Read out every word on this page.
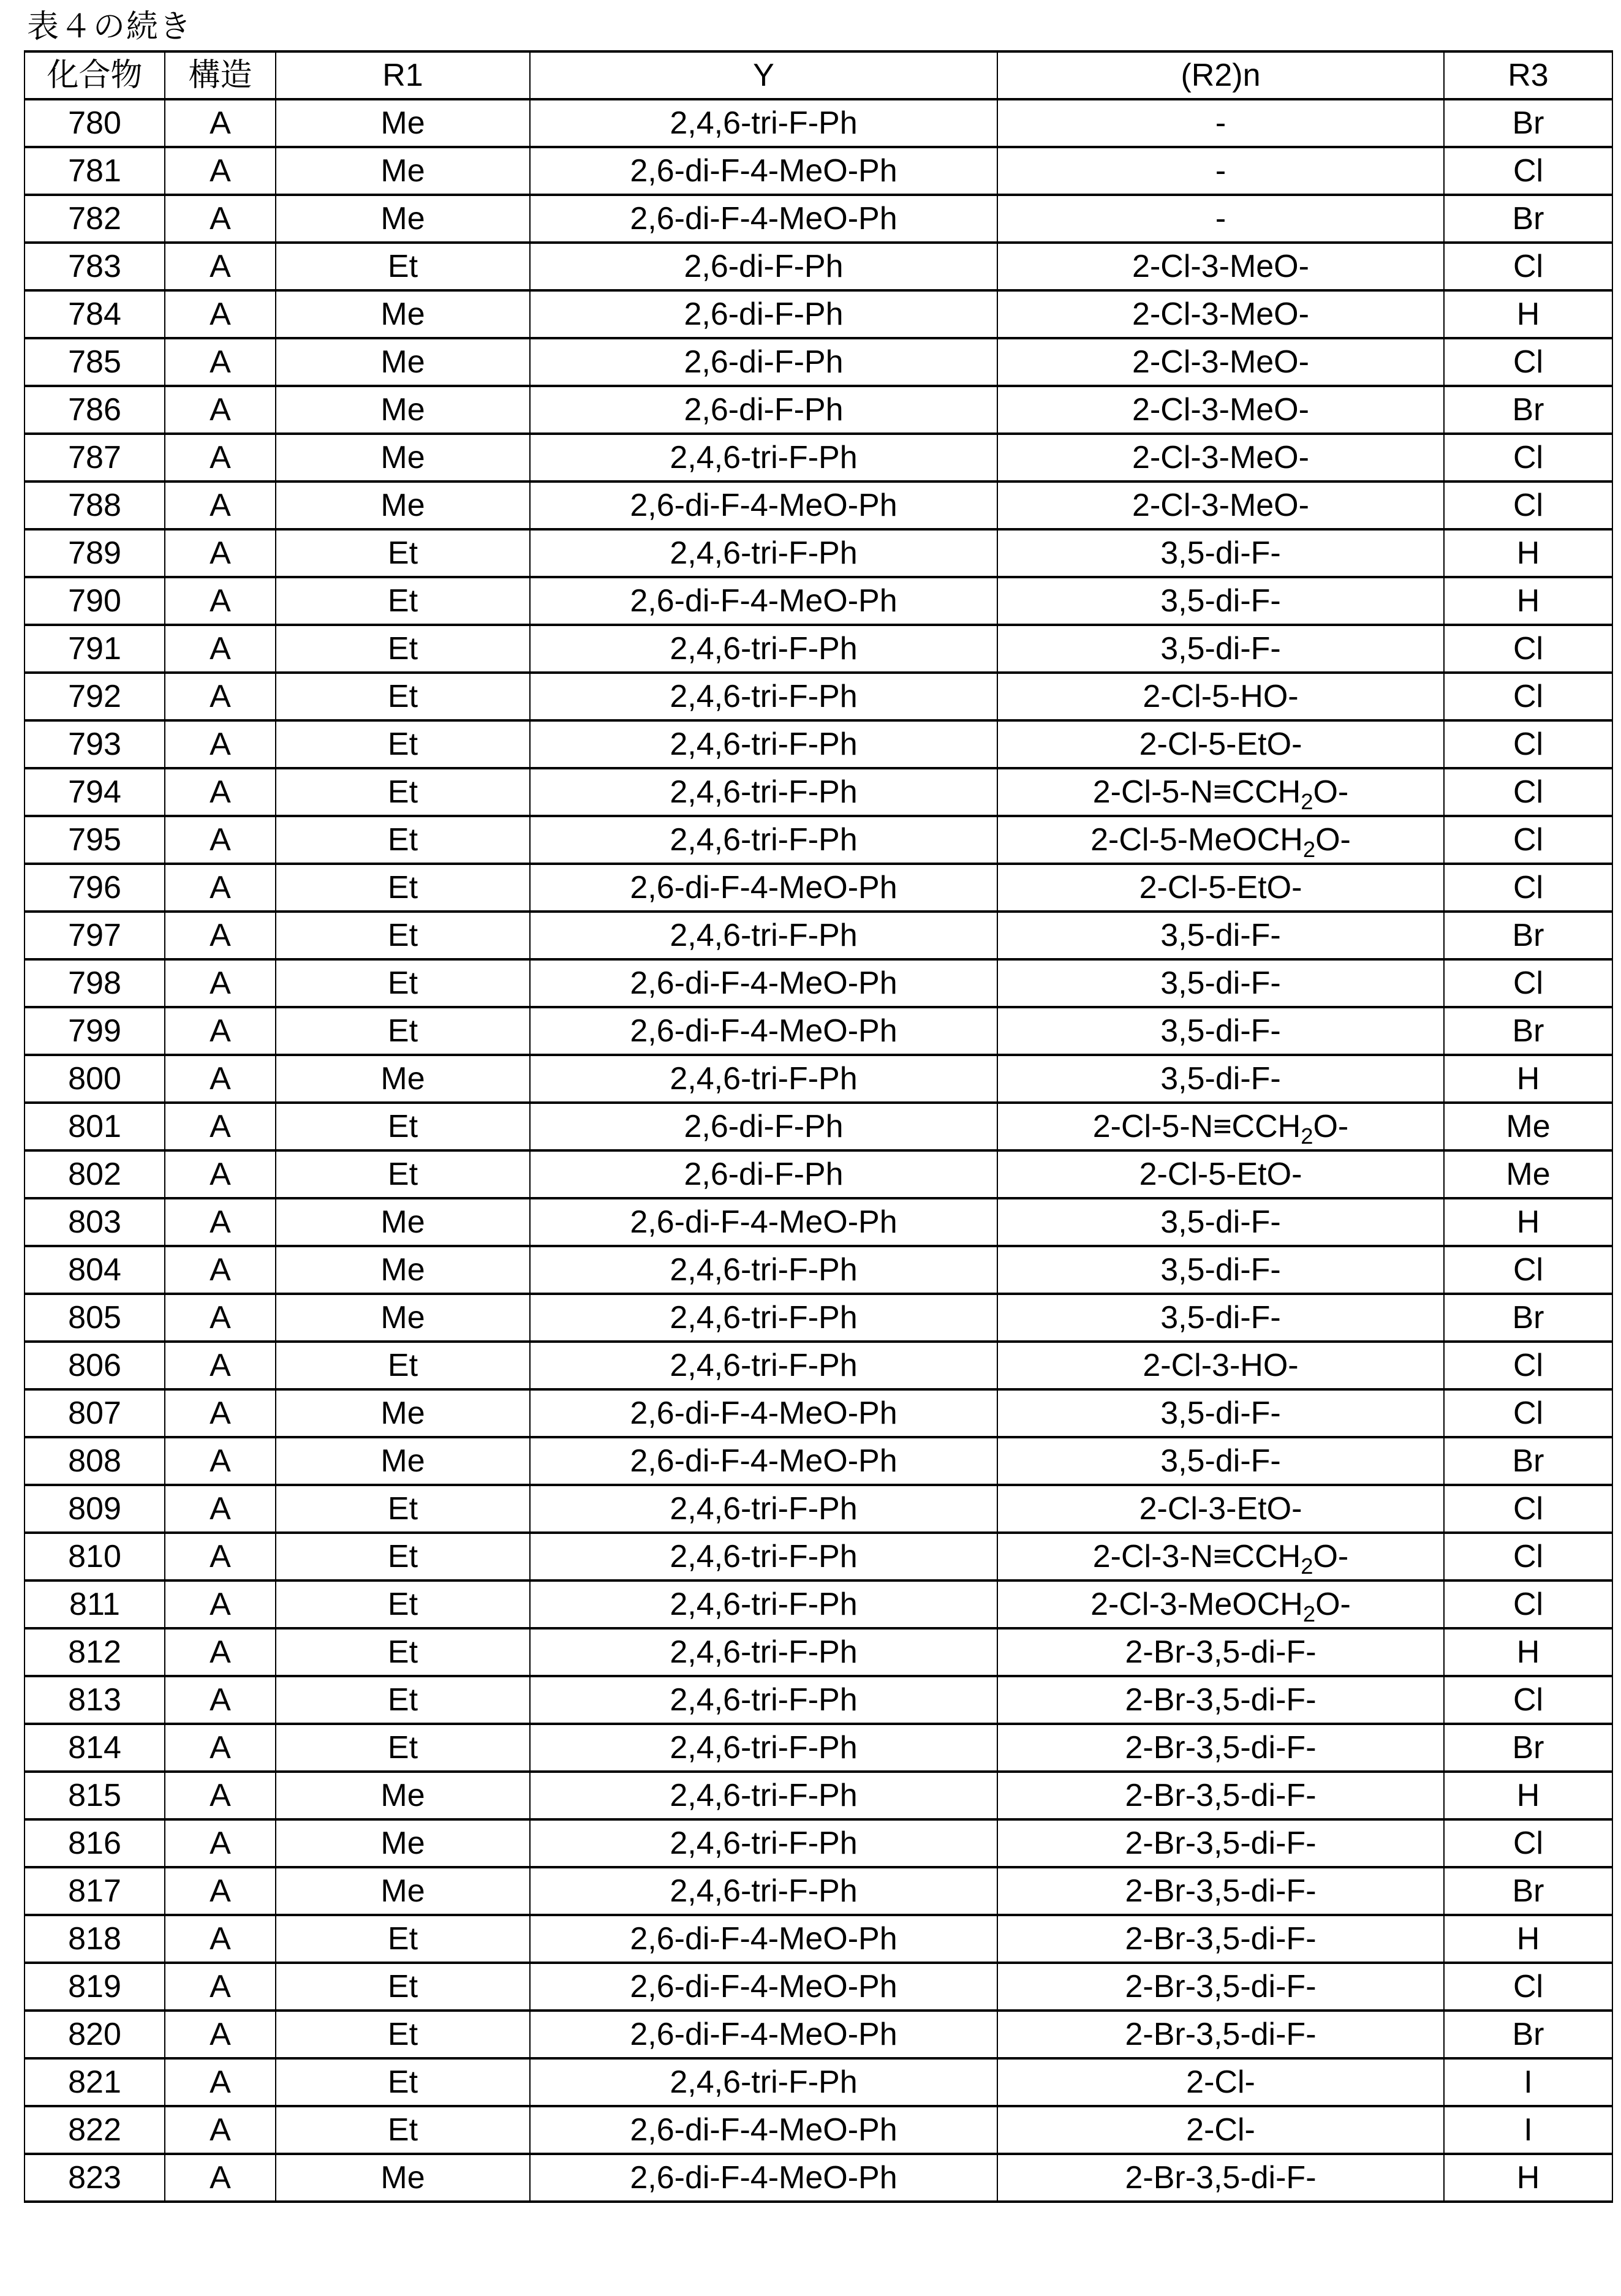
表４の続き
化合物	構造	R1	Y	(R2)n	R3
780	A	Me	2,4,6-tri-F-Ph	-	Br
781	A	Me	2,6-di-F-4-MeO-Ph	-	Cl
782	A	Me	2,6-di-F-4-MeO-Ph	-	Br
783	A	Et	2,6-di-F-Ph	2-Cl-3-MeO-	Cl
784	A	Me	2,6-di-F-Ph	2-Cl-3-MeO-	H
785	A	Me	2,6-di-F-Ph	2-Cl-3-MeO-	Cl
786	A	Me	2,6-di-F-Ph	2-Cl-3-MeO-	Br
787	A	Me	2,4,6-tri-F-Ph	2-Cl-3-MeO-	Cl
788	A	Me	2,6-di-F-4-MeO-Ph	2-Cl-3-MeO-	Cl
789	A	Et	2,4,6-tri-F-Ph	3,5-di-F-	H
790	A	Et	2,6-di-F-4-MeO-Ph	3,5-di-F-	H
791	A	Et	2,4,6-tri-F-Ph	3,5-di-F-	Cl
792	A	Et	2,4,6-tri-F-Ph	2-Cl-5-HO-	Cl
793	A	Et	2,4,6-tri-F-Ph	2-Cl-5-EtO-	Cl
794	A	Et	2,4,6-tri-F-Ph	$2-Cl-5-N\equiv CCH_2O-$	Cl
795	A	Et	2,4,6-tri-F-Ph	2-Cl-5-MeOCH$_2$O-	Cl
796	A	Et	2,6-di-F-4-MeO-Ph	2-Cl-5-EtO-	Cl
797	A	Et	2,4,6-tri-F-Ph	3,5-di-F-	Br
798	A	Et	2,6-di-F-4-MeO-Ph	3,5-di-F-	Cl
799	A	Et	2,6-di-F-4-MeO-Ph	3,5-di-F-	Br
800	A	Me	2,4,6-tri-F-Ph	3,5-di-F-	H
801	A	Et	2,6-di-F-Ph	$2-Cl-5-N\equiv CCH_2O-$	Me
802	A	Et	2,6-di-F-Ph	2-Cl-5-EtO-	Me
803	A	Me	2,6-di-F-4-MeO-Ph	3,5-di-F-	H
804	A	Me	2,4,6-tri-F-Ph	3,5-di-F-	Cl
805	A	Me	2,4,6-tri-F-Ph	3,5-di-F-	Br
806	A	Et	2,4,6-tri-F-Ph	2-Cl-3-HO-	Cl
807	A	Me	2,6-di-F-4-MeO-Ph	3,5-di-F-	Cl
808	A	Me	2,6-di-F-4-MeO-Ph	3,5-di-F-	Br
809	A	Et	2,4,6-tri-F-Ph	2-Cl-3-EtO-	Cl
810	A	Et	2,4,6-tri-F-Ph	$2-Cl-3-N\equiv CCH_2O-$	Cl
811	A	Et	2,4,6-tri-F-Ph	2-Cl-3-MeOCH$_2$O-	Cl
812	A	Et	2,4,6-tri-F-Ph	2-Br-3,5-di-F-	H
813	A	Et	2,4,6-tri-F-Ph	2-Br-3,5-di-F-	Cl
814	A	Et	2,4,6-tri-F-Ph	2-Br-3,5-di-F-	Br
815	A	Me	2,4,6-tri-F-Ph	2-Br-3,5-di-F-	H
816	A	Me	2,4,6-tri-F-Ph	2-Br-3,5-di-F-	Cl
817	A	Me	2,4,6-tri-F-Ph	2-Br-3,5-di-F-	Br
818	A	Et	2,6-di-F-4-MeO-Ph	2-Br-3,5-di-F-	H
819	A	Et	2,6-di-F-4-MeO-Ph	2-Br-3,5-di-F-	Cl
820	A	Et	2,6-di-F-4-MeO-Ph	2-Br-3,5-di-F-	Br
821	A	Et	2,4,6-tri-F-Ph	2-Cl-	I
822	A	Et	2,6-di-F-4-MeO-Ph	2-Cl-	I
823	A	Me	2,6-di-F-4-MeO-Ph	2-Br-3,5-di-F-	H
